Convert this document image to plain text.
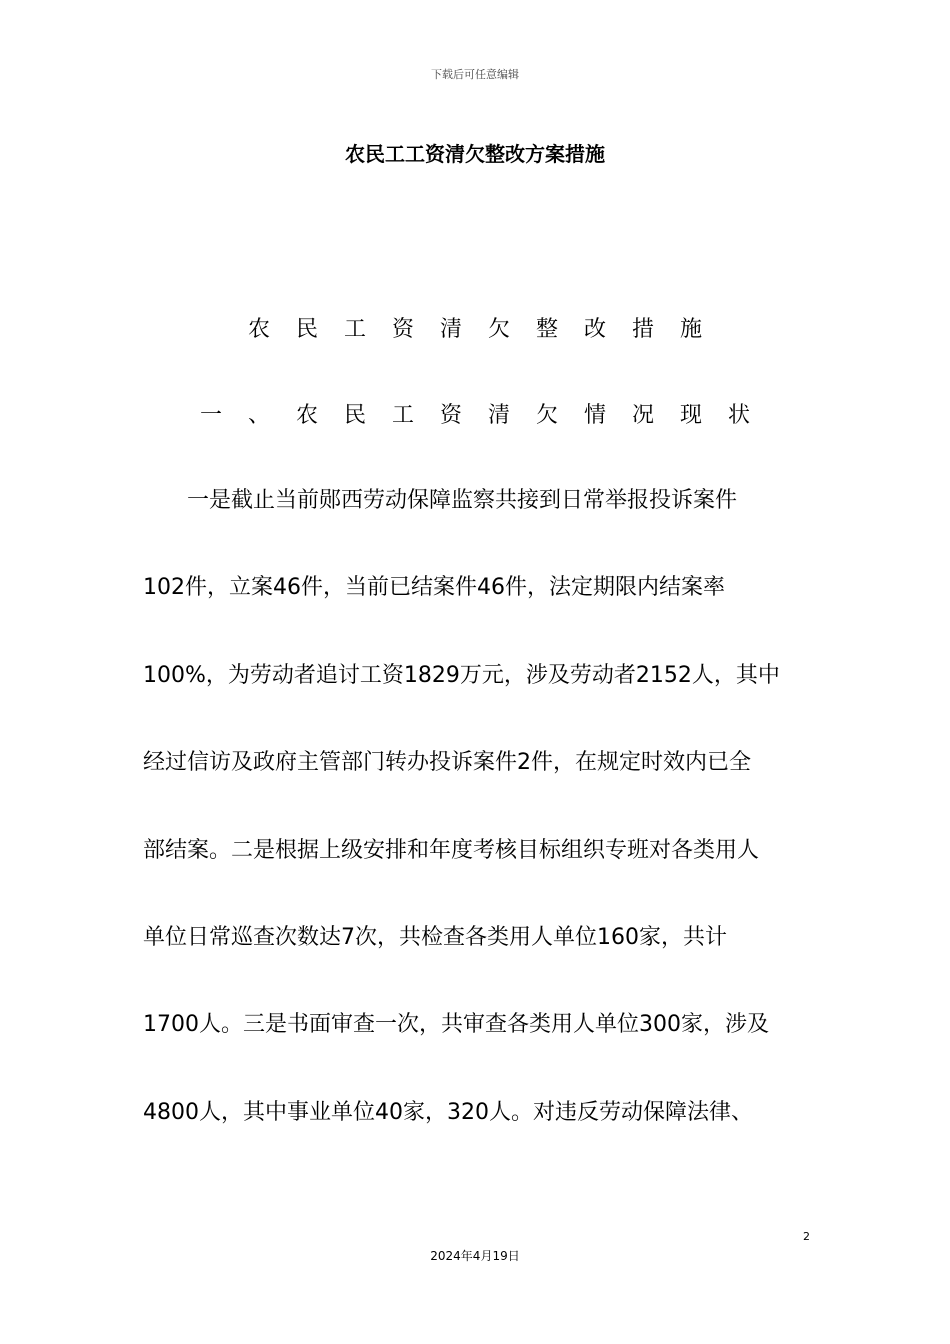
下载后可任意编辑
农民工工资清欠整改方案措施
农民工资清欠整改措施
一、农民工资清欠情况现状
　　一是截止当前郧西劳动保障监察共接到日常举报投诉案件
102件，立案46件，当前已结案件46件，法定期限内结案率
100%，为劳动者追讨工资1829万元，涉及劳动者2152人，其中
经过信访及政府主管部门转办投诉案件2件，在规定时效内已全
部结案。二是根据上级安排和年度考核目标组织专班对各类用人
单位日常巡查次数达7次，共检查各类用人单位160家，共计
1700人。三是书面审查一次，共审查各类用人单位300家，涉及
4800人，其中事业单位40家，320人。对违反劳动保障法律、
2
2024年4月19日
